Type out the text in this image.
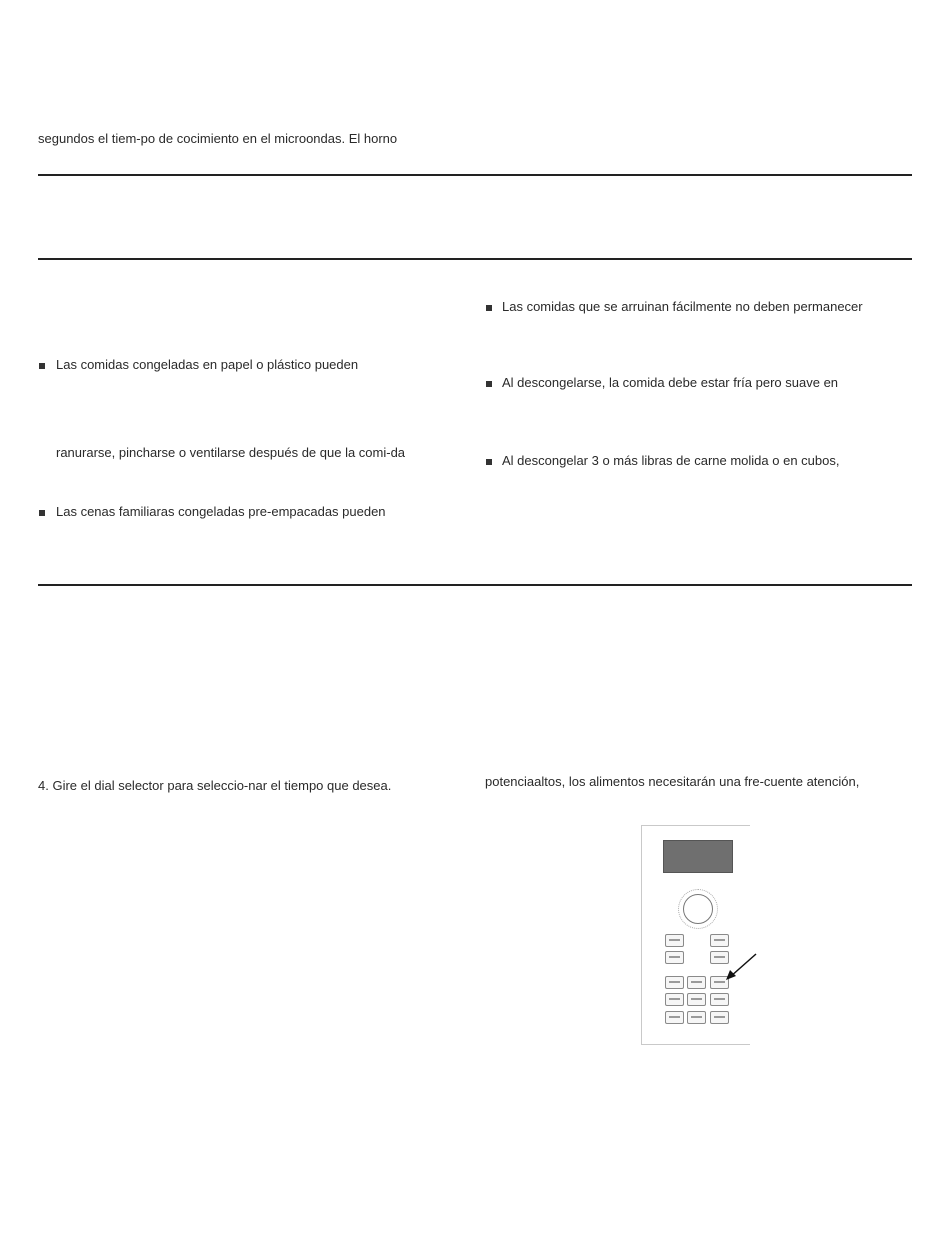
segundos el tiem-po de cocimiento en el microondas. El horno
Las comidas congeladas en papel o plástico pueden
ranurarse, pincharse o ventilarse después de que la comi-da
Las cenas familiaras congeladas pre-empacadas pueden
Las comidas que se arruinan fácilmente no deben permanecer
Al descongelarse, la comida debe estar fría pero suave en
Al descongelar 3 o más libras de carne molida o en cubos,
4. Gire el dial selector para seleccio-nar el tiempo que desea.	potenciaaltos, los alimentos necesitarán una fre-cuente atención,
